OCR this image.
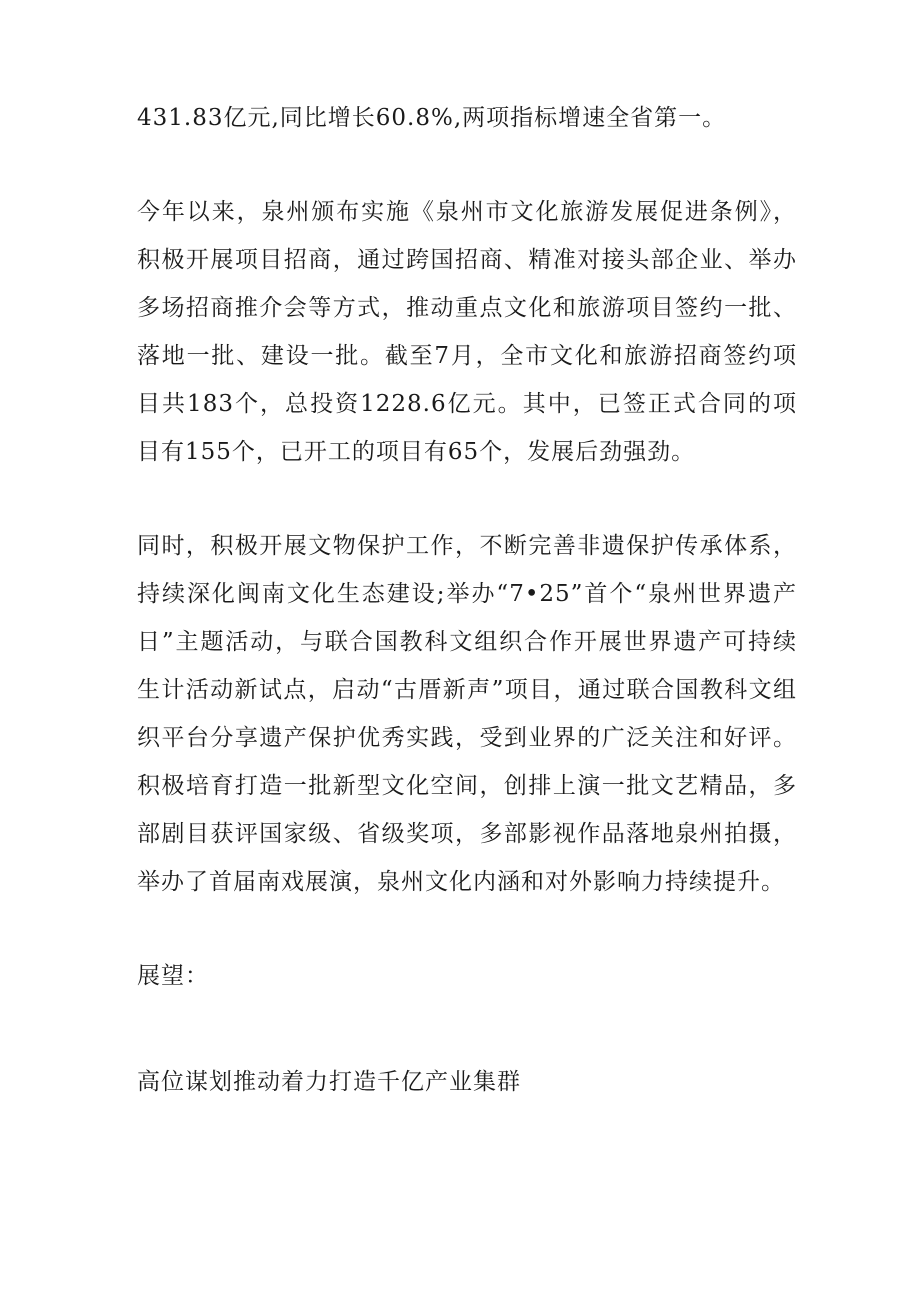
431.83亿元,同比增长60.8%,两项指标增速全省第一。

今年以来，泉州颁布实施《泉州市文化旅游发展促进条例》，积极开展项目招商，通过跨国招商、精准对接头部企业、举办多场招商推介会等方式，推动重点文化和旅游项目签约一批、落地一批、建设一批。截至7月，全市文化和旅游招商签约项目共183个，总投资1228.6亿元。其中，已签正式合同的项目有155个，已开工的项目有65个，发展后劲强劲。

同时，积极开展文物保护工作，不断完善非遗保护传承体系，持续深化闽南文化生态建设;举办“7•25”首个“泉州世界遗产日”主题活动，与联合国教科文组织合作开展世界遗产可持续生计活动新试点，启动“古厝新声”项目，通过联合国教科文组织平台分享遗产保护优秀实践，受到业界的广泛关注和好评。积极培育打造一批新型文化空间，创排上演一批文艺精品，多部剧目获评国家级、省级奖项，多部影视作品落地泉州拍摄，举办了首届南戏展演，泉州文化内涵和对外影响力持续提升。

展望：

高位谋划推动着力打造千亿产业集群
